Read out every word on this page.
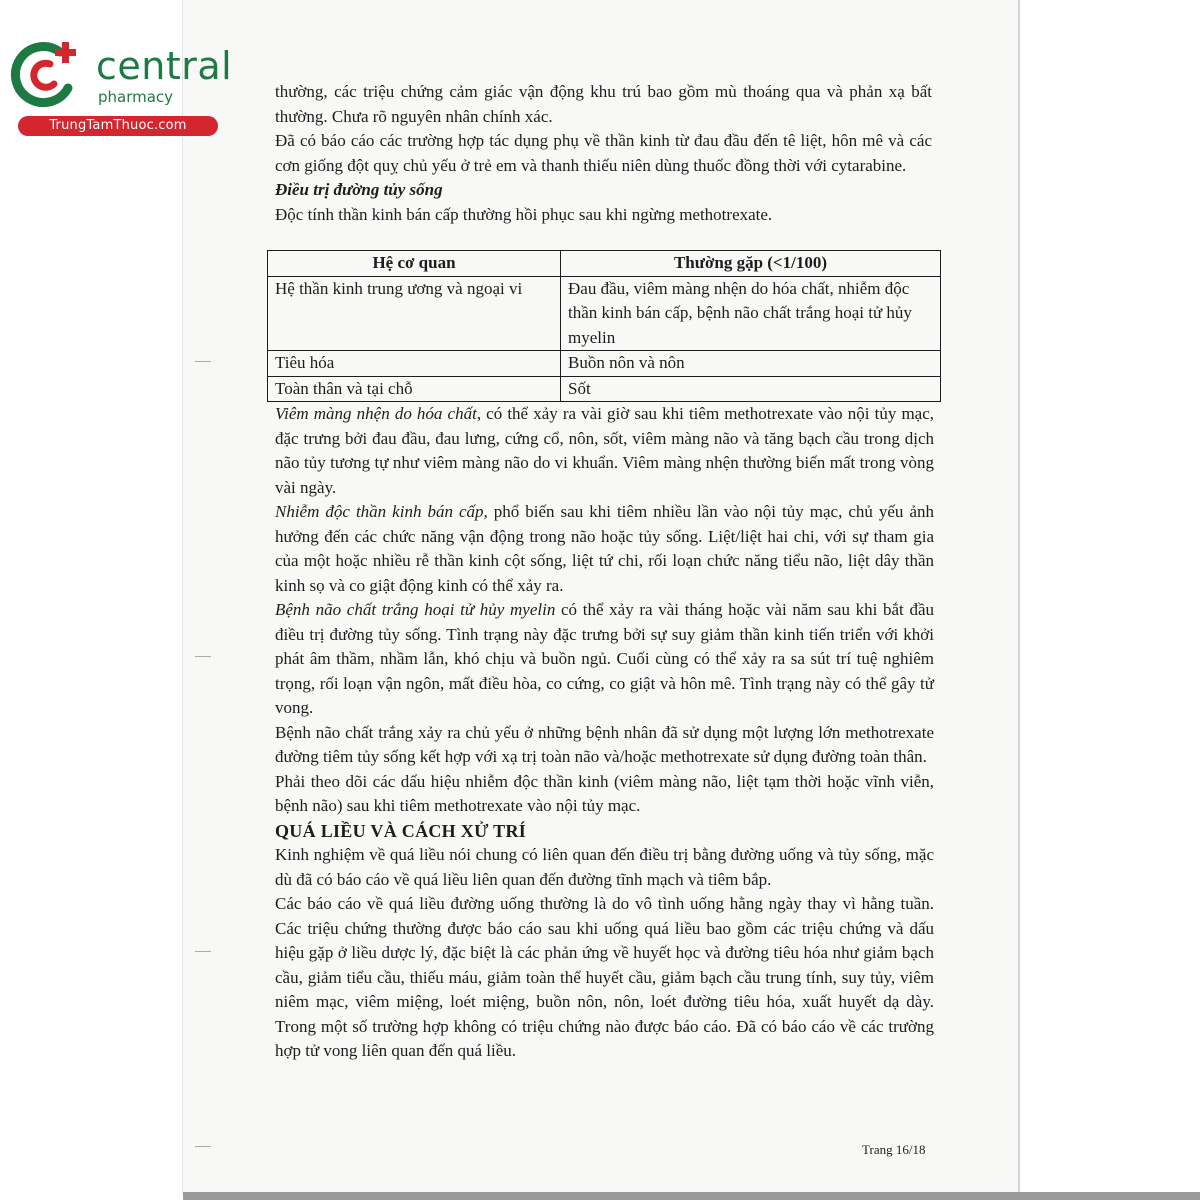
central
pharmacy
TrungTamThuoc.com

thường, các triệu chứng cảm giác vận động khu trú bao gồm mù thoáng qua và phản xạ bất thường. Chưa rõ nguyên nhân chính xác.

Đã có báo cáo các trường hợp tác dụng phụ về thần kinh từ đau đầu đến tê liệt, hôn mê và các cơn giống đột quỵ chủ yếu ở trẻ em và thanh thiếu niên dùng thuốc đồng thời với cytarabine.

Điều trị đường tủy sống

Độc tính thần kinh bán cấp thường hồi phục sau khi ngừng methotrexate.

Hệ cơ quan	Thường gặp (<1/100)
Hệ thần kinh trung ương và ngoại vi	Đau đầu, viêm màng nhện do hóa chất, nhiễm độc thần kinh bán cấp, bệnh não chất trắng hoại tử hủy myelin
Tiêu hóa	Buồn nôn và nôn
Toàn thân và tại chỗ	Sốt

Viêm màng nhện do hóa chất, có thể xảy ra vài giờ sau khi tiêm methotrexate vào nội tủy mạc, đặc trưng bởi đau đầu, đau lưng, cứng cổ, nôn, sốt, viêm màng não và tăng bạch cầu trong dịch não tủy tương tự như viêm màng não do vi khuẩn. Viêm màng nhện thường biến mất trong vòng vài ngày.

Nhiễm độc thần kinh bán cấp, phổ biến sau khi tiêm nhiều lần vào nội tủy mạc, chủ yếu ảnh hưởng đến các chức năng vận động trong não hoặc tủy sống. Liệt/liệt hai chi, với sự tham gia của một hoặc nhiều rễ thần kinh cột sống, liệt tứ chi, rối loạn chức năng tiểu não, liệt dây thần kinh sọ và co giật động kinh có thể xảy ra.

Bệnh não chất trắng hoại tử hủy myelin có thể xảy ra vài tháng hoặc vài năm sau khi bắt đầu điều trị đường tủy sống. Tình trạng này đặc trưng bởi sự suy giảm thần kinh tiến triển với khởi phát âm thầm, nhầm lẫn, khó chịu và buồn ngủ. Cuối cùng có thể xảy ra sa sút trí tuệ nghiêm trọng, rối loạn vận ngôn, mất điều hòa, co cứng, co giật và hôn mê. Tình trạng này có thể gây tử vong.

Bệnh não chất trắng xảy ra chủ yếu ở những bệnh nhân đã sử dụng một lượng lớn methotrexate đường tiêm tủy sống kết hợp với xạ trị toàn não và/hoặc methotrexate sử dụng đường toàn thân.

Phải theo dõi các dấu hiệu nhiễm độc thần kinh (viêm màng não, liệt tạm thời hoặc vĩnh viễn, bệnh não) sau khi tiêm methotrexate vào nội tủy mạc.

QUÁ LIỀU VÀ CÁCH XỬ TRÍ

Kinh nghiệm về quá liều nói chung có liên quan đến điều trị bằng đường uống và tủy sống, mặc dù đã có báo cáo về quá liều liên quan đến đường tĩnh mạch và tiêm bắp.

Các báo cáo về quá liều đường uống thường là do vô tình uống hằng ngày thay vì hằng tuần. Các triệu chứng thường được báo cáo sau khi uống quá liều bao gồm các triệu chứng và dấu hiệu gặp ở liều dược lý, đặc biệt là các phản ứng về huyết học và đường tiêu hóa như giảm bạch cầu, giảm tiểu cầu, thiếu máu, giảm toàn thể huyết cầu, giảm bạch cầu trung tính, suy tủy, viêm niêm mạc, viêm miệng, loét miệng, buồn nôn, nôn, loét đường tiêu hóa, xuất huyết dạ dày. Trong một số trường hợp không có triệu chứng nào được báo cáo. Đã có báo cáo về các trường hợp tử vong liên quan đến quá liều.

Trang 16/18
